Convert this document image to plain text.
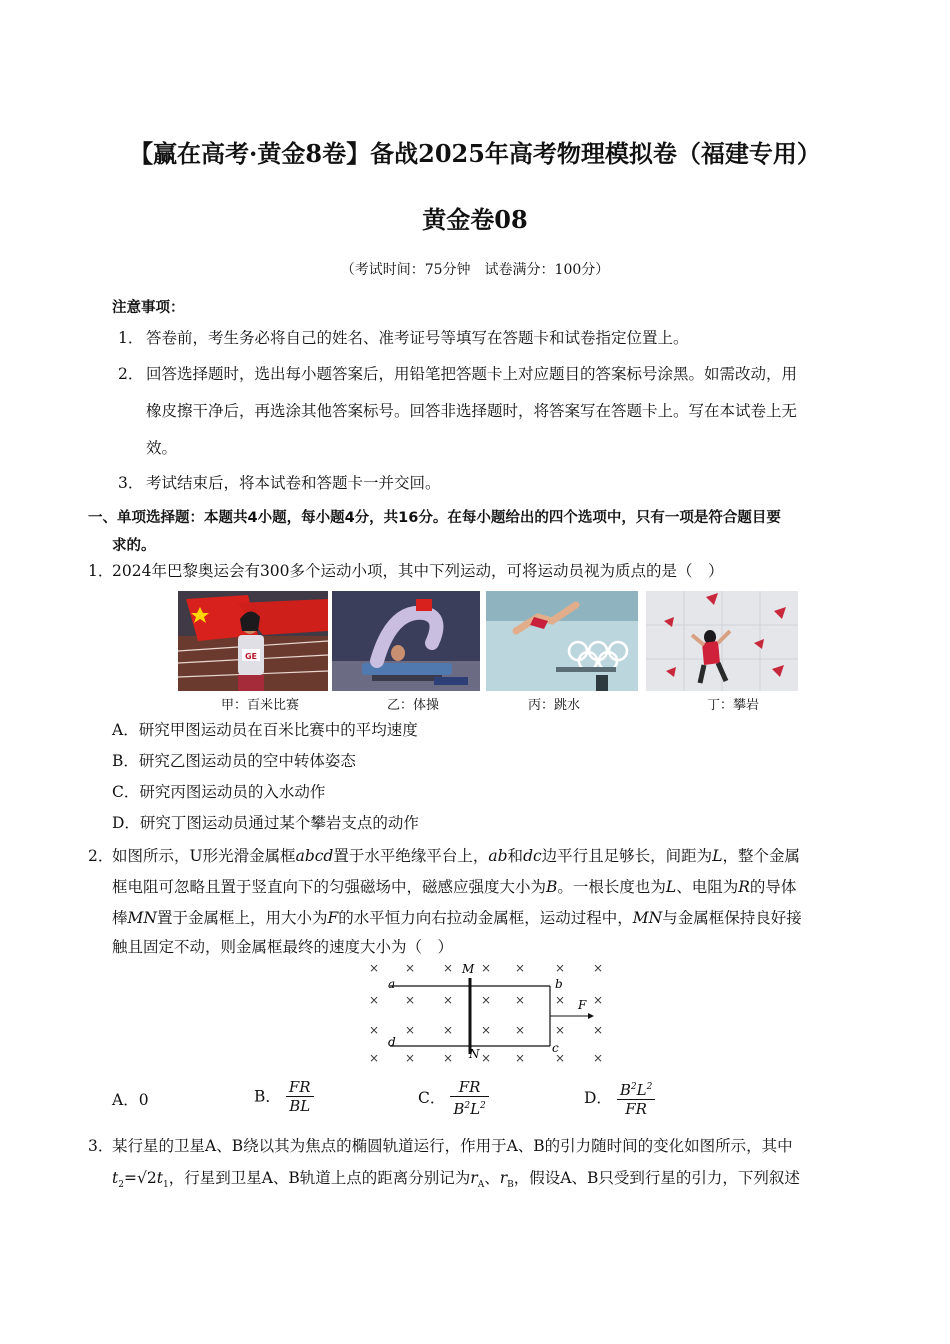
【赢在高考·黄金8卷】备战2025年高考物理模拟卷（福建专用）
黄金卷08
（考试时间：75分钟　试卷满分：100分）
注意事项：
1． 答卷前，考生务必将自己的姓名、准考证号等填写在答题卡和试卷指定位置上。
2． 回答选择题时，选出每小题答案后，用铅笔把答题卡上对应题目的答案标号涂黑。如需改动，用
橡皮擦干净后，再选涂其他答案标号。回答非选择题时，将答案写在答题卡上。写在本试卷上无
效。
3． 考试结束后，将本试卷和答题卡一并交回。
一、单项选择题：本题共4小题，每小题4分，共16分。在每小题给出的四个选项中，只有一项是符合题目要
求的。
1．
2024年巴黎奥运会有300多个运动小项，其中下列运动，可将运动员视为质点的是（　）
GE
甲：百米比赛	乙：体操	丙：跳水	丁：攀岩
A．研究甲图运动员在百米比赛中的平均速度
B．研究乙图运动员的空中转体姿态
C．研究丙图运动员的入水动作
D．研究丁图运动员通过某个攀岩支点的动作
2．
如图所示，U形光滑金属框abcd置于水平绝缘平台上，ab和dc边平行且足够长，间距为L，整个金属
框电阻可忽略且置于竖直向下的匀强磁场中，磁感应强度大小为B。一根长度也为L、电阻为R的导体
棒MN置于金属框上，用大小为F的水平恒力向右拉动金属框，运动过程中，MN与金属框保持良好接
触且固定不动，则金属框最终的速度大小为（　）
× × × × × × ×
× × × × × × ×
× × × × × × ×
× × × × × × ×
a	b
c
d
M
N
F
A．0	B． $\frac{FR}{BL}$	C． $\frac{FR}{B^2L^2}$	D． $\frac{B^2L^2}{FR}$
3．
某行星的卫星A、B绕以其为焦点的椭圆轨道运行，作用于A、B的引力随时间的变化如图所示，其中
$t_2=√2t_1$，行星到卫星A、B轨道上点的距离分别记为$r_A$、$r_B$，假设A、B只受到行星的引力，下列叙述
